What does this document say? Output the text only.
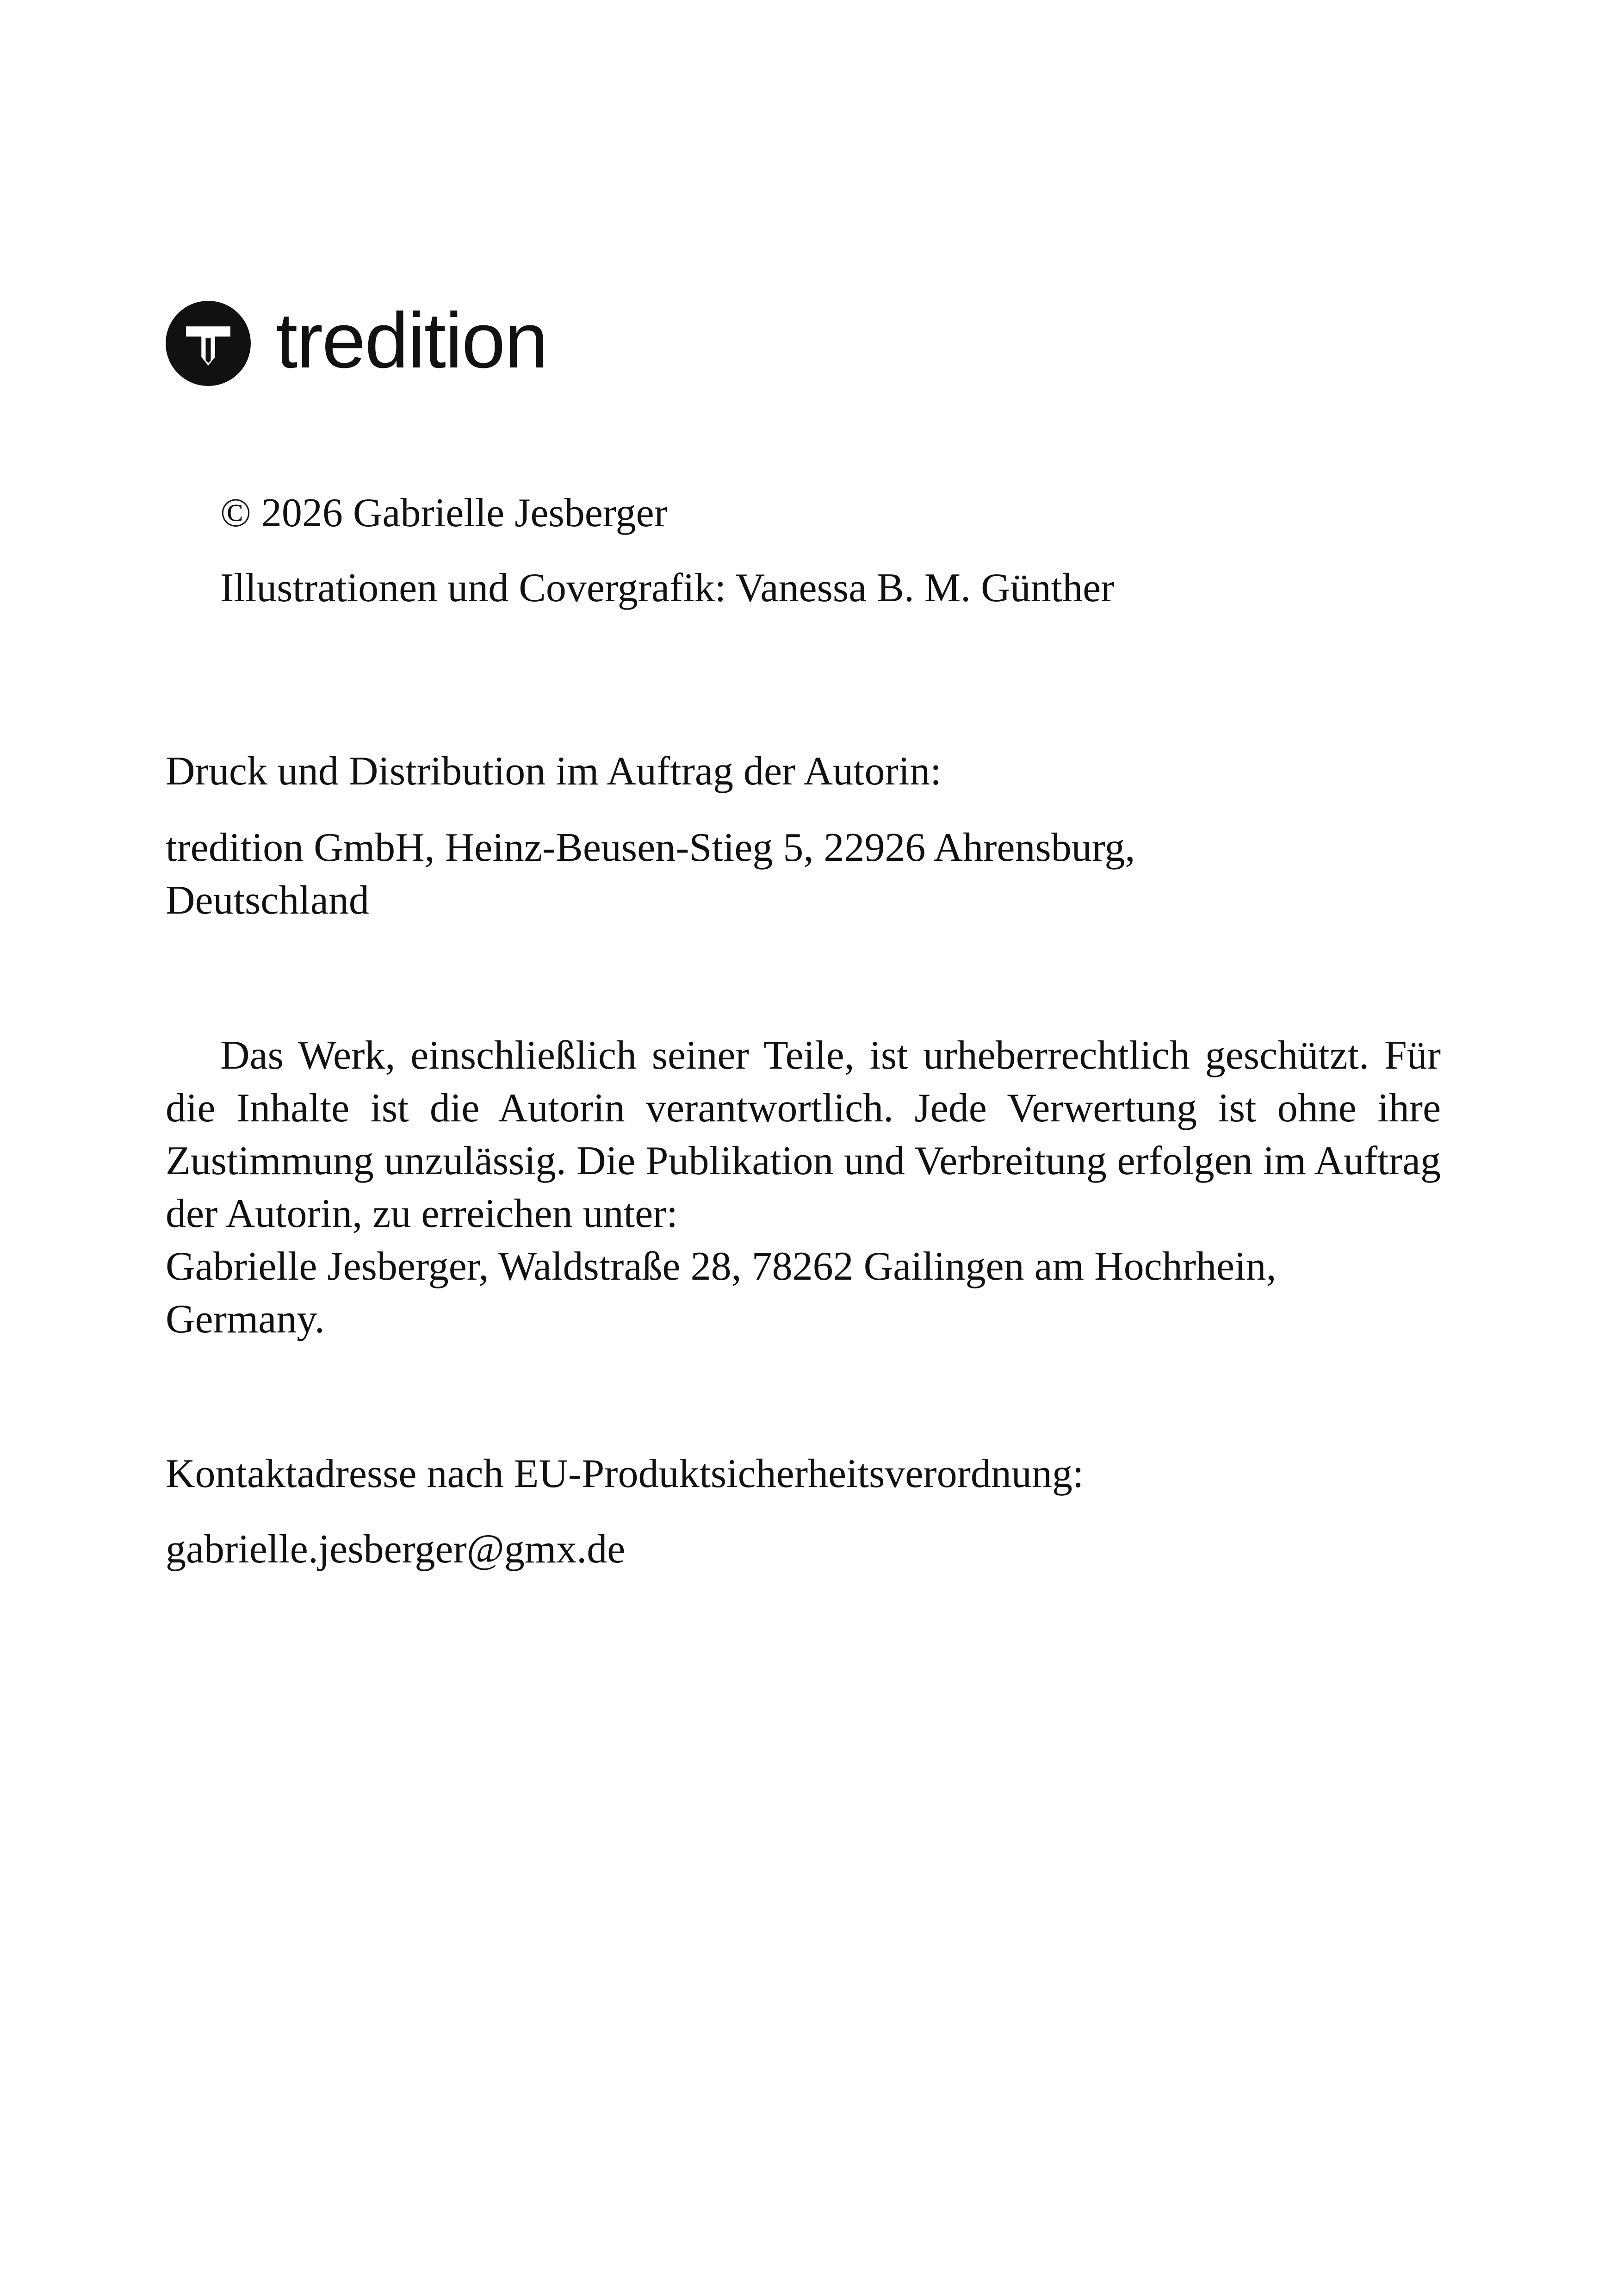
tredition

© 2026 Gabrielle Jesberger

Illustrationen und Covergrafik: Vanessa B. M. Günther

Druck und Distribution im Auftrag der Autorin:

tredition GmbH, Heinz-Beusen-Stieg 5, 22926 Ahrensburg,

Deutschland

Das Werk, einschließlich seiner Teile, ist urheberrechtlich geschützt. Für die Inhalte ist die Autorin verantwortlich. Jede Verwertung ist ohne ihre Zustimmung unzulässig. Die Publikation und Verbreitung erfolgen im Auftrag der Autorin, zu erreichen unter:

Gabrielle Jesberger, Waldstraße 28, 78262 Gailingen am Hochrhein,

Germany.

Kontaktadresse nach EU-Produktsicherheitsverordnung:

gabrielle.jesberger@gmx.de
